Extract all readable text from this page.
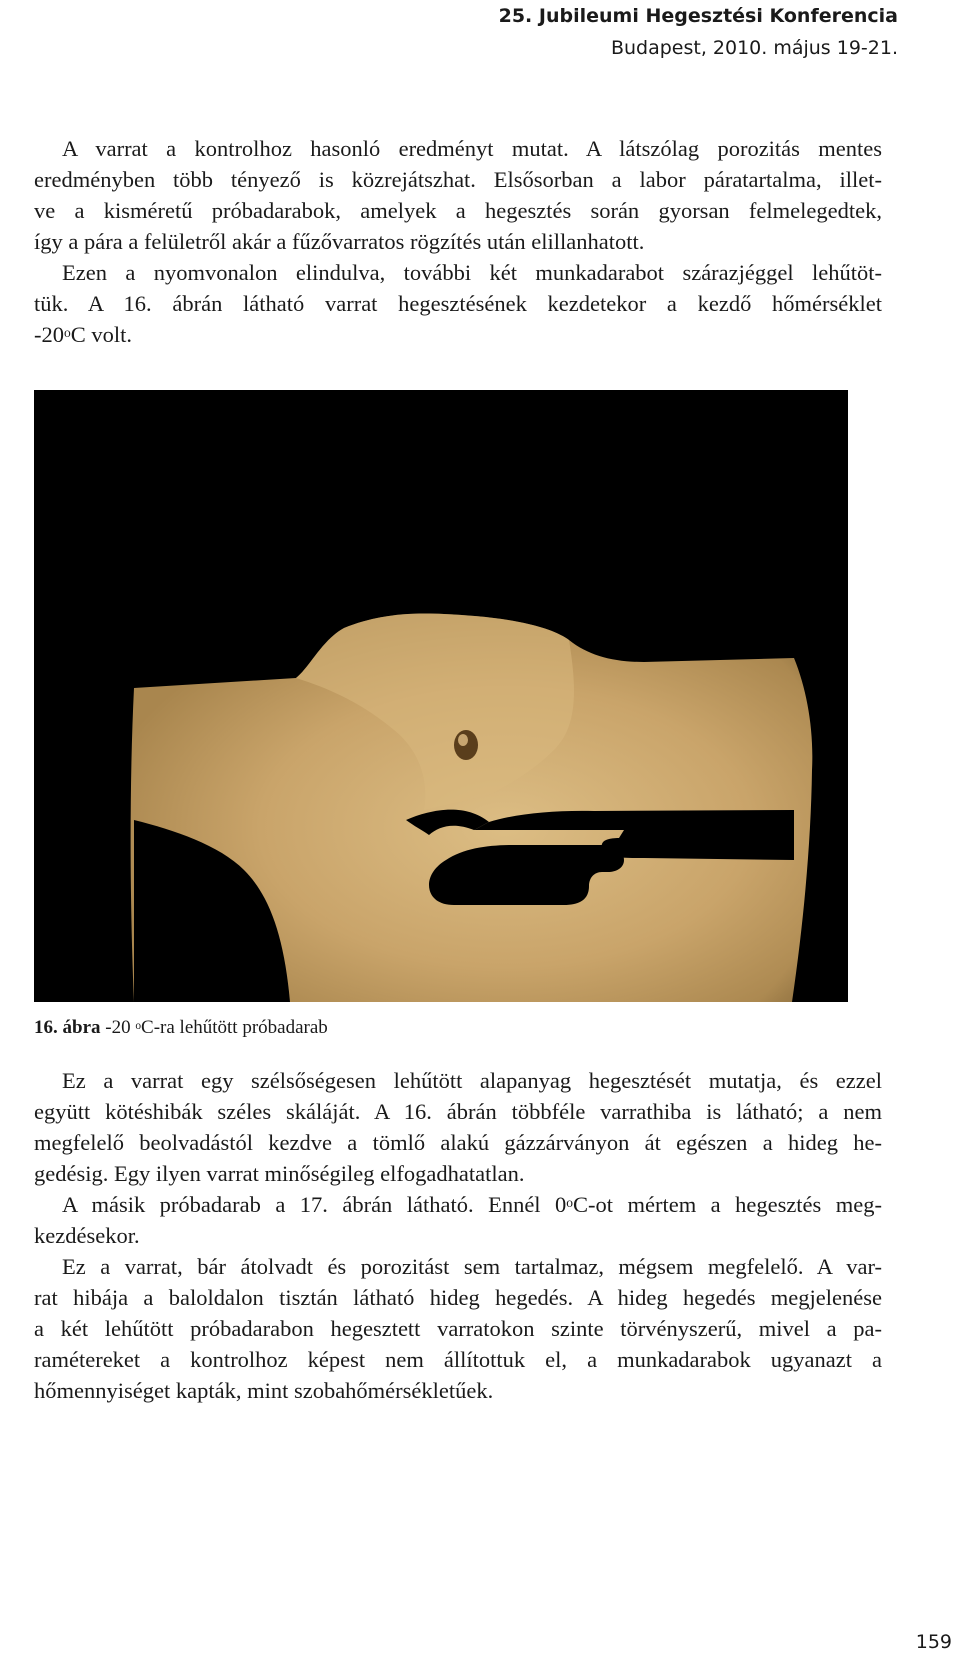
25. Jubileumi Hegesztési Konferencia
Budapest, 2010. május 19-21.
A varrat a kontrolhoz hasonló eredményt mutat. A látszólag porozitás mentes
eredményben több tényező is közrejátszhat. Elsősorban a labor páratartalma, illet-
ve a kisméretű próbadarabok, amelyek a hegesztés során gyorsan felmelegedtek,
így a pára a felületről akár a fűzővarratos rögzítés után elillanhatott.
Ezen a nyomvonalon elindulva, további két munkadarabot szárazjéggel lehűtöt-
tük. A 16. ábrán látható varrat hegesztésének kezdetekor a kezdő hőmérséklet
-20$^o$C volt.
16. ábra -20 $^o$C-ra lehűtött próbadarab
Ez a varrat egy szélsőségesen lehűtött alapanyag hegesztését mutatja, és ezzel
együtt kötéshibák széles skáláját. A 16. ábrán többféle varrathiba is látható; a nem
megfelelő beolvadástól kezdve a tömlő alakú gázzárványon át egészen a hideg he-
gedésig. Egy ilyen varrat minőségileg elfogadhatatlan.
A másik próbadarab a 17. ábrán látható. Ennél 0$^o$C-ot mértem a hegesztés meg-
kezdésekor.
Ez a varrat, bár átolvadt és porozitást sem tartalmaz, mégsem megfelelő. A var-
rat hibája a baloldalon tisztán látható hideg hegedés. A hideg hegedés megjelenése
a két lehűtött próbadarabon hegesztett varratokon szinte törvényszerű, mivel a pa-
ramétereket a kontrolhoz képest nem állítottuk el, a munkadarabok ugyanazt a
hőmennyiséget kapták, mint szobahőmérsékletűek.
159
